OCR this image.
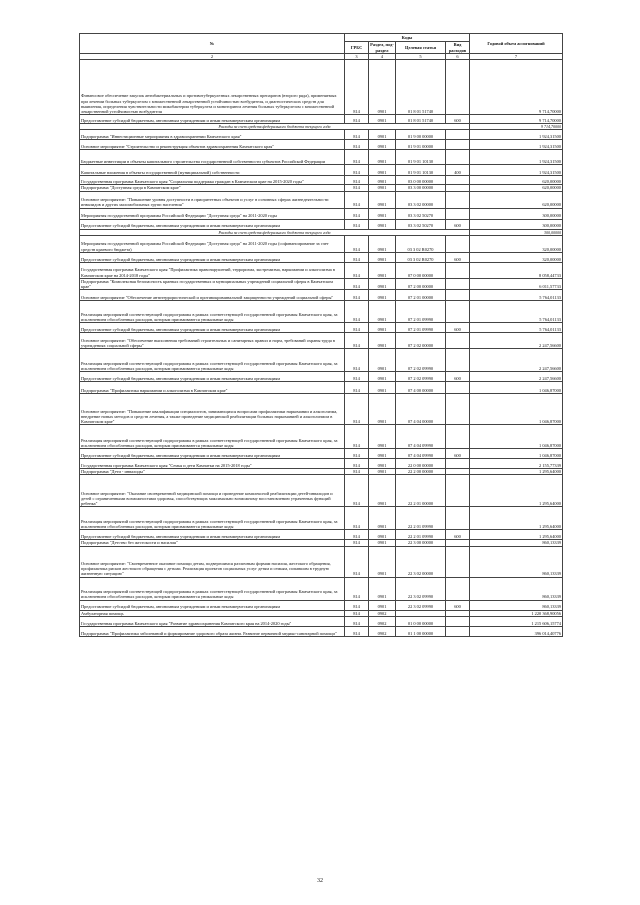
№	Коды				Годовой объем ассигнований
	ГРБС	Раздел, под-раздел	Целевая статья	Вид расходов	
2	3	4	5	6	7
Финансовое обеспечение закупок антибактериальных и противотуберкулезных лекарственных препаратов (второго ряда), применяемых при лечении больных туберкулезом с множественной лекарственной устойчивостью возбудителя, и диагностических средств для выявления, определения чувствительности микобактерии туберкулеза и мониторинга лечения больных туберкулезом с множественной лекарственной устойчивостью возбудителя	814	0901	01 8 01 51740		9 714,70000
Предоставление субсидий бюджетным, автономным учреждениям и иным некоммерческим организациям	814	0901	01 8 01 51740	600	9 714,70000
Расходы за счет средств федерального бюджета текущего года					9 714,70000
Подпрограмма "Инвестиционные мероприятия в здравоохранении Камчатского края"	814	0901	01 9 00 00000		1 924,31500
Основное мероприятие "Строительство и реконструкция объектов здравоохранения Камчатского края"	814	0901	01 9 01 00000		1 924,31500
Бюджетные инвестиции в объекты капитального строительства государственной собственности субъектов Российской Федерации	814	0901	01 9 01 10130		1 924,31500
Капитальные вложения в объекты государственной (муниципальной) собственности	814	0901	01 9 01 10130	400	1 924,31500
Государственная программа Камчатского края "Социальная поддержка граждан в Камчатском крае на 2015-2020 годы"	814	0901	03 0 00 00000		620,00000
Подпрограмма "Доступная среда в Камчатском крае"	814	0901	03 3 00 00000		620,00000
Основное мероприятие: "Повышение уровня доступности в приоритетных объектов и услуг в основных сферах жизнедеятельности инвалидов и других маломобильных групп населения"	814	0901	03 3 02 00000		620,00000
Мероприятия государственной программы Российской Федерации "Доступная среда" на 2011-2020 годы	814	0901	03 3 02 50270		300,00000
Предоставление субсидий бюджетным, автономным учреждениям и иным некоммерческим организациям	814	0901	03 3 02 50270	600	300,00000
Расходы за счет средств федерального бюджета текущего года					300,00000
Мероприятия государственной программы Российской Федерации "Доступная среда" на 2011-2020 годы (софинансирование за счет средств краевого бюджета)	814	0901	03 3 02 R0270		320,00000
Предоставление субсидий бюджетным, автономным учреждениям и иным некоммерческим организациям	814	0901	03 3 02 R0270	600	320,00000
Государственная программа Камчатского края "Профилактика правонарушений, терроризма, экстремизма, наркомании и алкоголизма в Камчатском крае на 2014-2018 годы"	814	0901	07 0 00 00000		8 058,44733
Подпрограмма "Комплексная безопасность краевых государственных и муниципальных учреждений социальной сферы в Камчатском крае"	814	0901	07 2 00 00000		6 011,57733
Основное мероприятие "Обеспечение антитеррористической и противокриминальной защищенности учреждений социальной сферы"	814	0901	07 2 01 00000		5 764,01133
Реализация мероприятий соответствующей подпрограммы в рамках соответствующей государственной программы Камчатского края, за исключением обособленных расходов, которым присваиваются уникальные коды	814	0901	07 2 01 09990		5 764,01133
Предоставление субсидий бюджетным, автономным учреждениям и иным некоммерческим организациям	814	0901	07 2 01 09990	600	5 764,01133
Основное мероприятие: "Обеспечение выполнения требований строительных и санитарных правил и норм, требований охраны труда в учреждениях социальной сферы"	814	0901	07 2 02 00000		2 247,56600
Реализация мероприятий соответствующей подпрограммы в рамках соответствующей государственной программы Камчатского края, за исключением обособленных расходов, которым присваиваются уникальные коды	814	0901	07 2 02 09990		2 247,56600
Предоставление субсидий бюджетным, автономным учреждениям и иным некоммерческим организациям	814	0901	07 2 02 09990	600	2 247,56600
Подпрограмма "Профилактика наркомании и алкоголизма в Камчатском крае"	814	0901	07 4 00 00000		1 046,87000
Основное мероприятие: "Повышение квалификации специалистов, занимающихся вопросами профилактики наркомании и алкоголизма, внедрение новых методов и средств лечения, а также проведение медицинской реабилитации больных наркоманией и алкоголизмом в Камчатском крае"	814	0901	07 4 04 00000		1 046,87000
Реализация мероприятий соответствующей подпрограммы в рамках соответствующей государственной программы Камчатского края, за исключением обособленных расходов, которым присваиваются уникальные коды	814	0901	07 4 04 09990		1 046,87000
Предоставление субсидий бюджетным, автономным учреждениям и иным некоммерческим организациям	814	0901	07 4 04 09990	600	1 046,87000
Государственная программа Камчатского края "Семья и дети Камчатки на 2015-2018 годы"	814	0901	22 0 00 00000		2 155,77339
Подпрограмма "Дети - инвалиды"	814	0901	22 2 00 00000		1 295,64000
Основное мероприятие: "Оказание своевременной медицинской помощи и проведение комплексной реабилитации детей-инвалидов и детей с ограниченными возможностями здоровья, способствующих максимально возможному восстановлению утраченных функций ребенка"	814	0901	22 2 01 00000		1 295,64000
Реализация мероприятий соответствующей подпрограммы в рамках соответствующей государственной программы Камчатского края, за исключением обособленных расходов, которым присваиваются уникальные коды	814	0901	22 2 01 09990		1 295,64000
Предоставление субсидий бюджетным, автономным учреждениям и иным некоммерческим организациям	814	0901	22 2 01 09990	600	1 295,64000
Подпрограмма "Детство без жестокости и насилия"	814	0901	22 3 00 00000		860,13339
Основное мероприятие: "Своевременное оказание помощи детям, подвергшимся различным формам насилия, жестокого обращения, профилактика рисков жестокого обращения с детьми. Реализация проектов социальных услуг детям и семьям, попавшим в трудную жизненную ситуацию"	814	0901	22 3 02 00000		860,13339
Реализация мероприятий соответствующей подпрограммы в рамках соответствующей государственной программы Камчатского края, за исключением обособленных расходов, которым присваиваются уникальные коды	814	0901	22 3 02 09990		860,13339
Предоставление субсидий бюджетным, автономным учреждениям и иным некоммерческим организациям	814	0901	22 3 02 09990	600	860,13339
Амбулаторная помощь	814	0902			1 220 368,90056
Государственная программа Камчатского края "Развитие здравоохранения Камчатского края на 2014-2020 годы"	814	0902	01 0 00 00000		1 215 606,15774
Подпрограмма "Профилактика заболеваний и формирование здорового образа жизни. Развитие первичной медико-санитарной помощи"	814	0902	01 1 00 00000		396 014,40776
32
